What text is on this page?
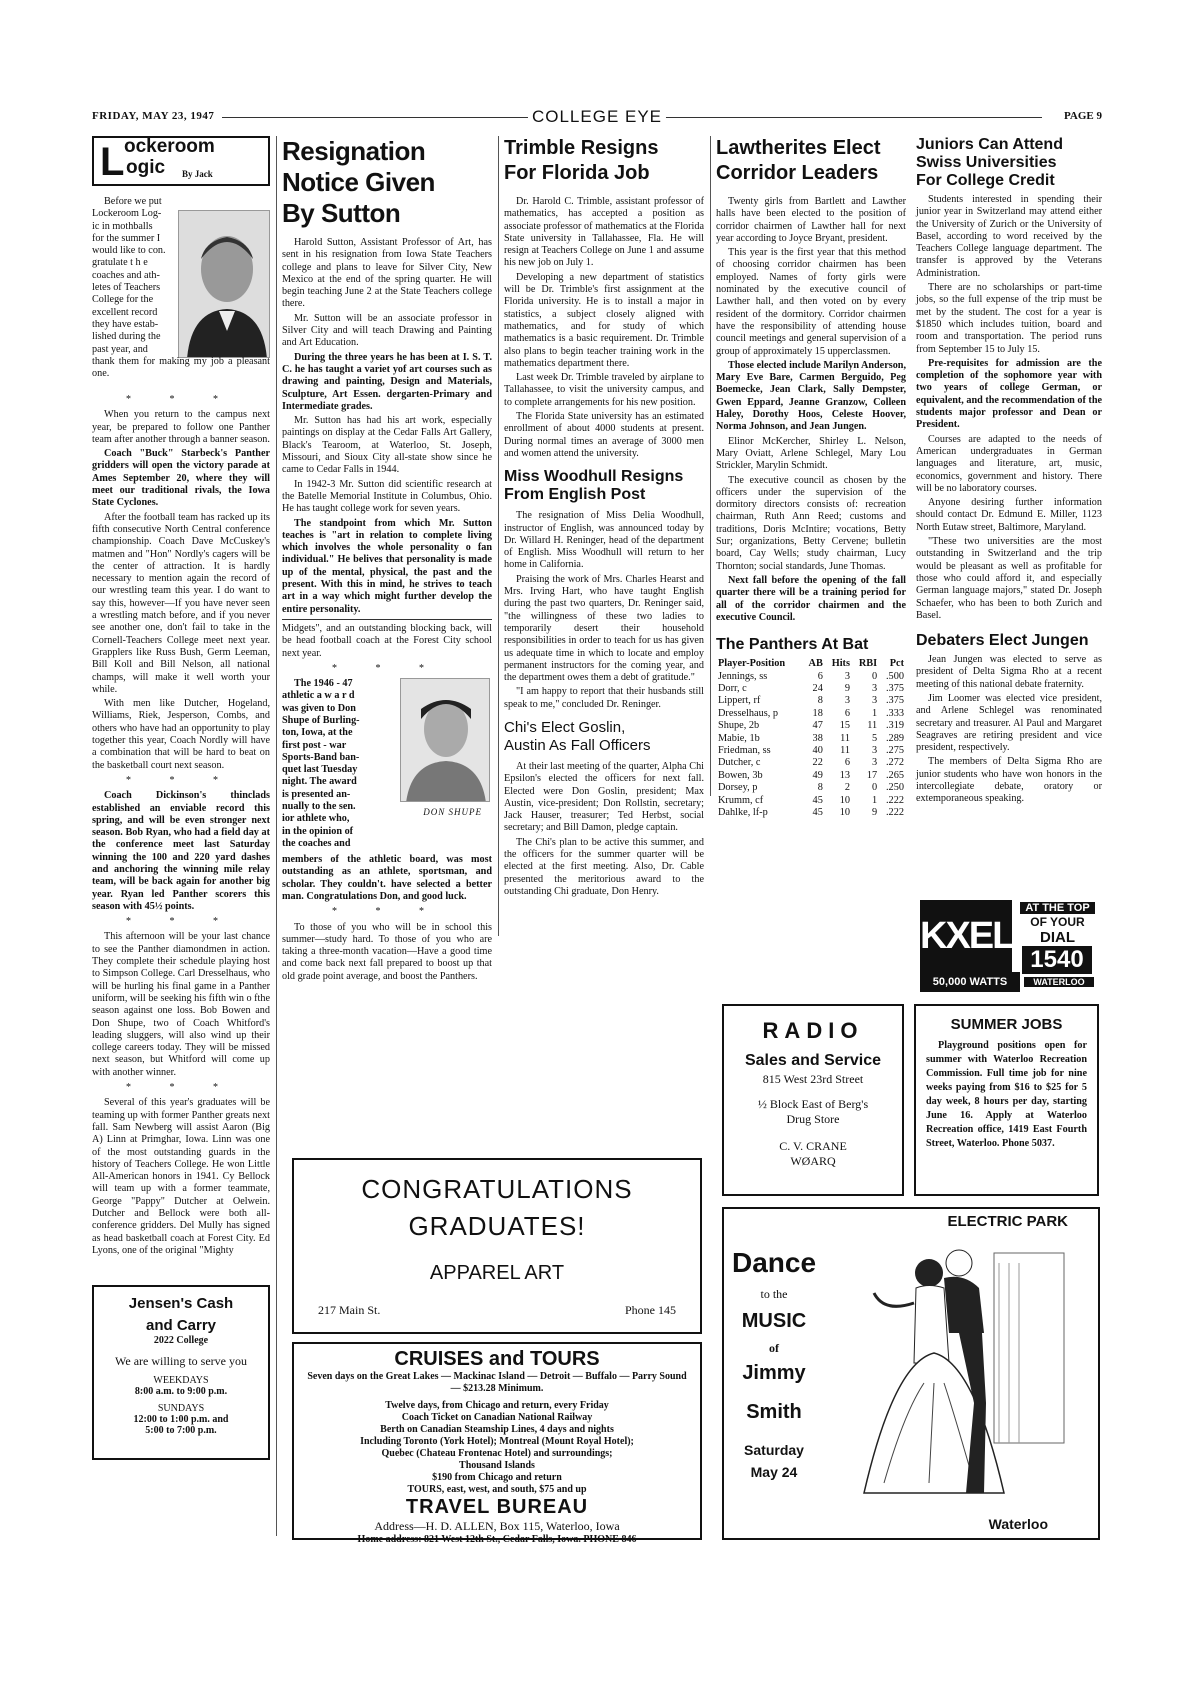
FRIDAY, MAY 23, 1947	COLLEGE EYE	PAGE 9
L ockeroom
ogic By Jack
Before we put
Lockeroom Log-
ic in mothballs
for the summer I
would like to con.
gratulate t h e
coaches and ath-
letes of Teachers
College for the
excellent record
they have estab-
lished during the
past year, and
thank them for making my job a pleasant one.
* * *

When you return to the campus next year, be prepared to follow one Panther team after another through a banner season.

Coach "Buck" Starbeck's Panther gridders will open the victory parade at Ames September 20, where they will meet our traditional rivals, the Iowa State Cyclones.

After the football team has racked up its fifth consecutive North Central conference championship. Coach Dave McCuskey's matmen and "Hon" Nordly's cagers will be the center of attraction. It is hardly necessary to mention again the record of our wrestling team this year. I do want to say this, however—If you have never seen a wrestling match before, and if you never see another one, don't fail to take in the Cornell-Teachers College meet next year. Grapplers like Russ Bush, Germ Leeman, Bill Koll and Bill Nelson, all national champs, will make it well worth your while.

With men like Dutcher, Hogeland, Williams, Riek, Jesperson, Combs, and others who have had an opportunity to play together this year, Coach Nordly will have a combination that will be hard to beat on the basketball court next season.

* * *

Coach Dickinson's thinclads established an enviable record this spring, and will be even stronger next season. Bob Ryan, who had a field day at the conference meet last Saturday winning the 100 and 220 yard dashes and anchoring the winning mile relay team, will be back again for another big year. Ryan led Panther scorers this season with 45½ points.

* * *

This afternoon will be your last chance to see the Panther diamondmen in action. They complete their schedule playing host to Simpson College. Carl Dresselhaus, who will be hurling his final game in a Panther uniform, will be seeking his fifth win o fthe season against one loss. Bob Bowen and Don Shupe, two of Coach Whitford's leading sluggers, will also wind up their college careers today. They will be missed next season, but Whitford will come up with another winner.

* * *

Several of this year's graduates will be teaming up with former Panther greats next fall. Sam Newberg will assist Aaron (Big A) Linn at Primghar, Iowa. Linn was one of the most outstanding guards in the history of Teachers College. He won Little All-American honors in 1941. Cy Bellock will team up with a former teammate, George "Pappy" Dutcher at Oelwein. Dutcher and Bellock were both all-conference gridders. Del Mully has signed as head basketball coach at Forest City. Ed Lyons, one of the original "Mighty

Jensen's Cash
and Carry
2022 College
We are willing to serve you
WEEKDAYS
8:00 a.m. to 9:00 p.m.
SUNDAYS
12:00 to 1:00 p.m. and
5:00 to 7:00 p.m.
Resignation
Notice Given
By Sutton

Harold Sutton, Assistant Professor of Art, has sent in his resignation from Iowa State Teachers college and plans to leave for Silver City, New Mexico at the end of the spring quarter. He will begin teaching June 2 at the State Teachers college there.

Mr. Sutton will be an associate professor in Silver City and will teach Drawing and Painting and Art Education.

During the three years he has been at I. S. T. C. he has taught a variet yof art courses such as drawing and painting, Design and Materials, Sculpture, Art Essen. dergarten-Primary and Intermediate grades.

Mr. Sutton has had his art work, especially paintings on display at the Cedar Falls Art Gallery, Black's Tearoom, at Waterloo, St. Joseph, Missouri, and Sioux City all-state show since he came to Cedar Falls in 1944.

In 1942-3 Mr. Sutton did scientific research at the Batelle Memorial Institute in Columbus, Ohio. He has taught college work for seven years.

The standpoint from which Mr. Sutton teaches is "art in relation to complete living which involves the whole personality o fan individual." He belives that personality is made up of the mental, physical, the past and the present. With this in mind, he strives to teach art in a way which might further develop the entire personality.

Midgets", and an outstanding blocking back, will be head football coach at the Forest City school next year.

* * *
The 1946 - 47
athletic a w a r d
was given to Don
Shupe of Burling-
ton, Iowa, at the
first post - war
Sports-Band ban-
quet last Tuesday
night. The award
is presented an-
nually to the sen.
ior athlete who,
in the opinion of
the coaches and
DON SHUPE

members of the athletic board, was most outstanding as an athlete, sportsman, and scholar. They couldn't. have selected a better man. Congratulations Don, and good luck.

* * *

To those of you who will be in school this summer—study hard. To those of you who are taking a three-month vacation—Have a good time and come back next fall prepared to boost up that old grade point average, and boost the Panthers.

Trimble Resigns
For Florida Job

Dr. Harold C. Trimble, assistant professor of mathematics, has accepted a position as associate professor of mathematics at the Florida State university in Tallahassee, Fla. He will resign at Teachers College on June 1 and assume his new job on July 1.

Developing a new department of statistics will be Dr. Trimble's first assignment at the Florida university. He is to install a major in statistics, a subject closely aligned with mathematics, and for study of which mathematics is a basic requirement. Dr. Trimble also plans to begin teacher training work in the mathematics department there.

Last week Dr. Trimble traveled by airplane to Tallahassee, to visit the university campus, and to complete arrangements for his new position.

The Florida State university has an estimated enrollment of about 4000 students at present. During normal times an average of 3000 men and women attend the university.

Miss Woodhull Resigns
From English Post

The resignation of Miss Delia Woodhull, instructor of English, was announced today by Dr. Willard H. Reninger, head of the department of English. Miss Woodhull will return to her home in California.

Praising the work of Mrs. Charles Hearst and Mrs. Irving Hart, who have taught English during the past two quarters, Dr. Reninger said, "the willingness of these two ladies to temporarily desert their household responsibilities in order to teach for us has given us adequate time in which to locate and employ permanent instructors for the coming year, and the department owes them a debt of gratitude."

"I am happy to report that their husbands still speak to me," concluded Dr. Reninger.

Chi's Elect Goslin,
Austin As Fall Officers

At their last meeting of the quarter, Alpha Chi Epsilon's elected the officers for next fall. Elected were Don Goslin, president; Max Austin, vice-president; Don Rollstin, secretary; Jack Hauser, treasurer; Ted Herbst, social secretary; and Bill Damon, pledge captain.

The Chi's plan to be active this summer, and the officers for the summer quarter will be elected at the first meeting. Also, Dr. Cable presented the meritorious award to the outstanding Chi graduate, Don Henry.

Lawtherites Elect
Corridor Leaders

Twenty girls from Bartlett and Lawther halls have been elected to the position of corridor chairmen of Lawther hall for next year according to Joyce Bryant, president.

This year is the first year that this method of choosing corridor chairmen has been employed. Names of forty girls were nominated by the executive council of Lawther hall, and then voted on by every resident of the dormitory. Corridor chairmen have the responsibility of attending house council meetings and general supervision of a group of approximately 15 upperclassmen.

Those elected include Marilyn Anderson, Mary Eve Bare, Carmen Berguido, Peg Boemecke, Jean Clark, Sally Dempster, Gwen Eppard, Jeanne Granzow, Colleen Haley, Dorothy Hoos, Celeste Hoover, Norma Johnson, and Jean Jungen.

Elinor McKercher, Shirley L. Nelson, Mary Oviatt, Arlene Schlegel, Mary Lou Strickler, Marylin Schmidt.

The executive council as chosen by the officers under the supervision of the dormitory directors consists of: recreation chairman, Ruth Ann Reed; customs and traditions, Doris McIntire; vocations, Betty Sur; organizations, Betty Cervene; bulletin board, Cay Wells; study chairman, Lucy Thornton; social standards, June Thomas.

Next fall before the opening of the fall quarter there will be a training period for all of the corridor chairmen and the executive Council.

The Panthers At Bat
Player-Position	AB	Hits	RBI	Pct
Jennings, ss	6	3	0	.500
Dorr, c	24	9	3	.375
Lippert, rf	8	3	3	.375
Dresselhaus, p	18	6	1	.333
Shupe, 2b	47	15	11	.319
Mabie, 1b	38	11	5	.289
Friedman, ss	40	11	3	.275
Dutcher, c	22	6	3	.272
Bowen, 3b	49	13	17	.265
Dorsey, p	8	2	0	.250
Krumm, cf	45	10	1	.222
Dahlke, lf-p	45	10	9	.222
Juniors Can Attend
Swiss Universities
For College Credit

Students interested in spending their junior year in Switzerland may attend either the University of Zurich or the University of Basel, according to word received by the Teachers College language department. The transfer is approved by the Veterans Administration.

There are no scholarships or part-time jobs, so the full expense of the trip must be met by the student. The cost for a year is $1850 which includes tuition, board and room and transportation. The period runs from September 15 to July 15.

Pre-requisites for admission are the completion of the sophomore year with two years of college German, or equivalent, and the recommendation of the students major professor and Dean or President.

Courses are adapted to the needs of American undergraduates in German languages and literature, art, music, economics, government and history. There will be no laboratory courses.

Anyone desiring further information should contact Dr. Edmund E. Miller, 1123 North Eutaw street, Baltimore, Maryland.

"These two universities are the most outstanding in Switzerland and the trip would be pleasant as well as profitable for those who could afford it, and especially German language majors," stated Dr. Joseph Schaefer, who has been to both Zurich and Basel.

Debaters Elect Jungen

Jean Jungen was elected to serve as president of Delta Sigma Rho at a recent meeting of this national debate fraternity.

Jim Loomer was elected vice president, and Arlene Schlegel was renominated secretary and treasurer. Al Paul and Margaret Seagraves are retiring president and vice president, respectively.

The members of Delta Sigma Rho are junior students who have won honors in the intercollegiate debate, oratory or extemporaneous speaking.

KXEL
50,000 WATTS
AT THE TOP
OF YOUR
DIAL
1540
WATERLOO
RADIO
Sales and Service
815 West 23rd Street
½ Block East of Berg's
Drug Store
C. V. CRANE
WØARQ
SUMMER JOBS
Playground positions open for summer with Waterloo Recreation Commission. Full time job for nine weeks paying from $16 to $25 for 5 day week, 8 hours per day, starting June 16. Apply at Waterloo Recreation office, 1419 East Fourth Street, Waterloo. Phone 5037.
CONGRATULATIONS
GRADUATES!
APPAREL ART
217 Main St.	Phone 145
CRUISES and TOURS
Seven days on the Great Lakes — Mackinac Island — Detroit — Buffalo — Parry Sound — $213.28 Minimum.
Twelve days, from Chicago and return, every Friday
Coach Ticket on Canadian National Railway
Berth on Canadian Steamship Lines, 4 days and nights
Including Toronto (York Hotel); Montreal (Mount Royal Hotel);
Quebec (Chateau Frontenac Hotel) and surroundings;
Thousand Islands
$190 from Chicago and return
TOURS, east, west, and south, $75 and up
TRAVEL BUREAU
Address—H. D. ALLEN, Box 115, Waterloo, Iowa
Home address: 821 West 12th St., Cedar Falls, Iowa. PHONE 846
ELECTRIC PARK
Dance
to the
MUSIC
of
Jimmy
Smith
Saturday
May 24
Waterloo
